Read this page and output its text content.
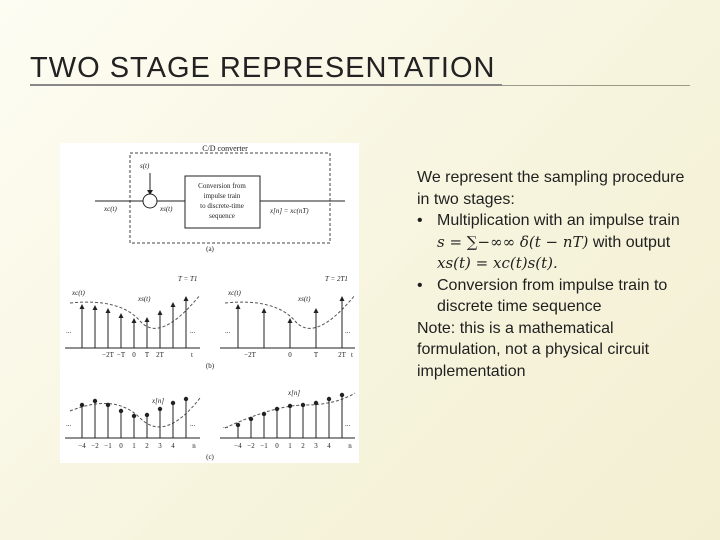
TWO STAGE REPRESENTATION
C/D converter
s(t)
xc(t)	xs(t)
Conversion from
impulse train
to discrete-time
sequence
x[n] = xc(nT)
(a)
T = T1
xc(t)
xs(t)
...	...
−2T −T 0 T 2T	t
(b)
T = 2T1
xc(t)
xs(t)
...	...
−2T	0	T	2T t
x[n]
...	...
−4 −2 −1 0 1 2 3 4	n
(c)
x[n]
...	...
−4 −2 −1 0 1 2 3 4	n

We represent the sampling procedure in two stages:

• Multiplication with an impulse train s = ∑−∞∞ δ(t − nT) with output xs(t) = xc(t)s(t).
• Conversion from impulse train to discrete time sequence

Note: this is a mathematical formulation, not a physical circuit implementation
